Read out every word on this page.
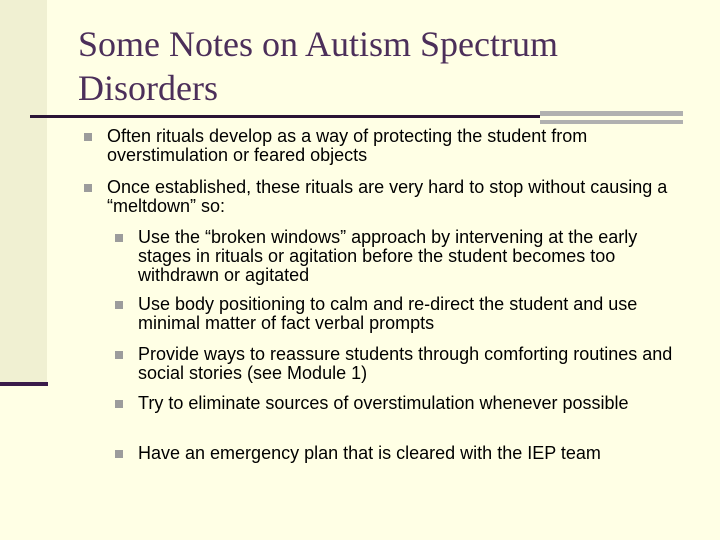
Some Notes on Autism Spectrum Disorders
Often rituals develop as a way of protecting the student from overstimulation or feared objects
Once established, these rituals are very hard to stop without causing a “meltdown” so:
Use the “broken windows” approach by intervening at the early stages in rituals or agitation before the student becomes too withdrawn or agitated
Use body positioning to calm and re-direct the student and use minimal matter of fact verbal prompts
Provide ways to reassure students through comforting routines and social stories (see Module 1)
Try to eliminate sources of overstimulation whenever possible
Have an emergency plan that is cleared with the IEP team
